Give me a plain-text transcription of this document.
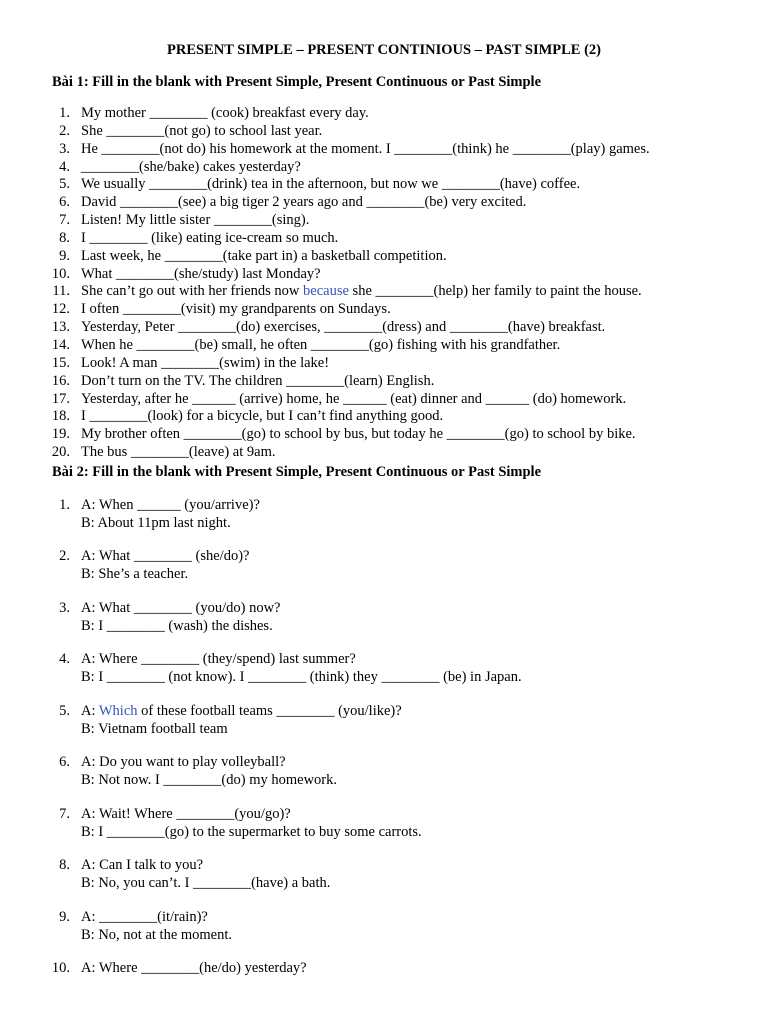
PRESENT SIMPLE – PRESENT CONTINIOUS – PAST SIMPLE (2)
Bài 1: Fill in the blank with Present Simple, Present Continuous or Past Simple
1. My mother ________ (cook) breakfast every day.
2. She ________(not go) to school last year.
3. He ________(not do) his homework at the moment. I ________(think) he ________(play) games.
4. ________(she/bake) cakes yesterday?
5. We usually ________(drink) tea in the afternoon, but now we ________(have) coffee.
6. David ________(see) a big tiger 2 years ago and ________(be) very excited.
7. Listen! My little sister ________(sing).
8. I ________ (like) eating ice-cream so much.
9. Last week, he ________(take part in) a basketball competition.
10. What ________(she/study) last Monday?
11. She can’t go out with her friends now because she ________(help) her family to paint the house.
12. I often ________(visit) my grandparents on Sundays.
13. Yesterday, Peter ________(do) exercises, ________(dress) and ________(have) breakfast.
14. When he ________(be) small, he often ________(go) fishing with his grandfather.
15. Look! A man ________(swim) in the lake!
16. Don’t turn on the TV. The children ________(learn) English.
17. Yesterday, after he ______ (arrive) home, he ______ (eat) dinner and ______ (do) homework.
18. I ________(look) for a bicycle, but I can’t find anything good.
19. My brother often ________(go) to school by bus, but today he ________(go) to school by bike.
20. The bus ________(leave) at 9am.
Bài 2: Fill in the blank with Present Simple, Present Continuous or Past Simple
1. A: When ______ (you/arrive)?
B: About 11pm last night.
2. A: What ________ (she/do)?
B: She’s a teacher.
3. A: What ________ (you/do) now?
B: I ________ (wash) the dishes.
4. A: Where ________ (they/spend) last summer?
B: I ________ (not know). I ________ (think) they ________ (be) in Japan.
5. A: Which of these football teams ________ (you/like)?
B: Vietnam football team
6. A: Do you want to play volleyball?
B: Not now. I ________(do) my homework.
7. A: Wait! Where ________(you/go)?
B: I ________(go) to the supermarket to buy some carrots.
8. A: Can I talk to you?
B: No, you can’t. I ________(have) a bath.
9. A: ________(it/rain)?
B: No, not at the moment.
10. A: Where ________(he/do) yesterday?
